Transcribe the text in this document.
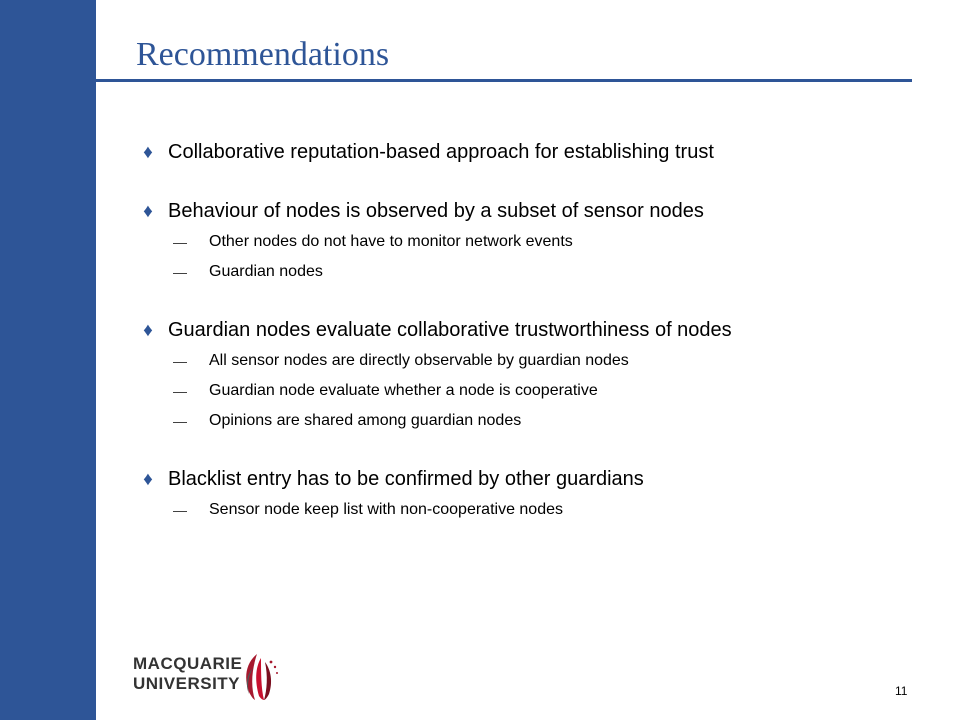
Recommendations
♦ Collaborative reputation-based approach for establishing trust
♦ Behaviour of nodes is observed by a subset of sensor nodes
—	Other nodes do not have to monitor network events
—	Guardian nodes
♦ Guardian nodes evaluate collaborative trustworthiness of nodes
—	All sensor nodes are directly observable by guardian nodes
—	Guardian node evaluate whether a node is cooperative
—	Opinions are shared among guardian nodes
♦ Blacklist entry has to be confirmed by other guardians
—	Sensor node keep list with non-cooperative nodes
MACQUARIE
UNIVERSITY	11
